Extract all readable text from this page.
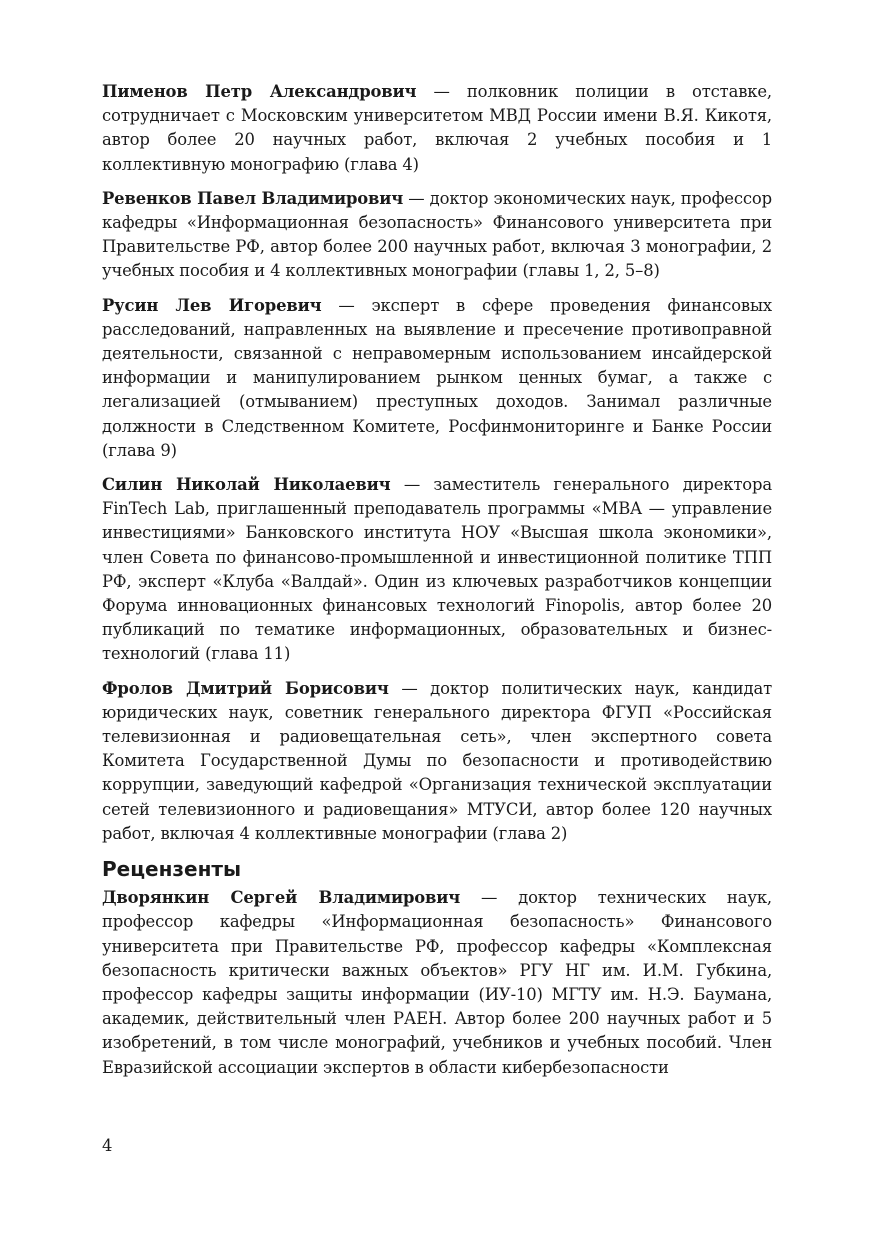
Пименов Петр Александрович — полковник полиции в отставке, сотрудничает с Московским университетом МВД России имени В.Я. Кикотя, автор более 20 научных работ, включая 2 учебных пособия и 1 коллективную монографию (глава 4)

Ревенков Павел Владимирович — доктор экономических наук, профессор кафедры «Информационная безопасность» Финансового университета при Правительстве РФ, автор более 200 научных работ, включая 3 монографии, 2 учебных пособия и 4 коллективных монографии (главы 1, 2, 5–8)

Русин Лев Игоревич — эксперт в сфере проведения финансовых расследований, направленных на выявление и пресечение противоправной деятельности, связанной с неправомерным использованием инсайдерской информации и манипулированием рынком ценных бумаг, а также с легализацией (отмыванием) преступных доходов. Занимал различные должности в Следственном Комитете, Росфинмониторинге и Банке России (глава 9)

Силин Николай Николаевич — заместитель генерального директора FinTech Lab, приглашенный преподаватель программы «MBA — управление инвестициями» Банковского института НОУ «Высшая школа экономики», член Совета по финансово-промышленной и инвестиционной политике ТПП РФ, эксперт «Клуба «Валдай». Один из ключевых разработчиков концепции Форума инновационных финансовых технологий Finopolis, автор более 20 публикаций по тематике информационных, образовательных и бизнес-технологий (глава 11)

Фролов Дмитрий Борисович — доктор политических наук, кандидат юридических наук, советник генерального директора ФГУП «Российская телевизионная и радиовещательная сеть», член экспертного совета Комитета Государственной Думы по безопасности и противодействию коррупции, заведующий кафедрой «Организация технической эксплуатации сетей телевизионного и радиовещания» МТУСИ, автор более 120 научных работ, включая 4 коллективные монографии (глава 2)

Рецензенты

Дворянкин Сергей Владимирович — доктор технических наук, профессор кафедры «Информационная безопасность» Финансового университета при Правительстве РФ, профессор кафедры «Комплексная безопасность критически важных объектов» РГУ НГ им. И.М. Губкина, профессор кафедры защиты информации (ИУ-10) МГТУ им. Н.Э. Баумана, академик, действительный член РАЕН. Автор более 200 научных работ и 5 изобретений, в том числе монографий, учебников и учебных пособий. Член Евразийской ассоциации экспертов в области кибербезопасности

4
